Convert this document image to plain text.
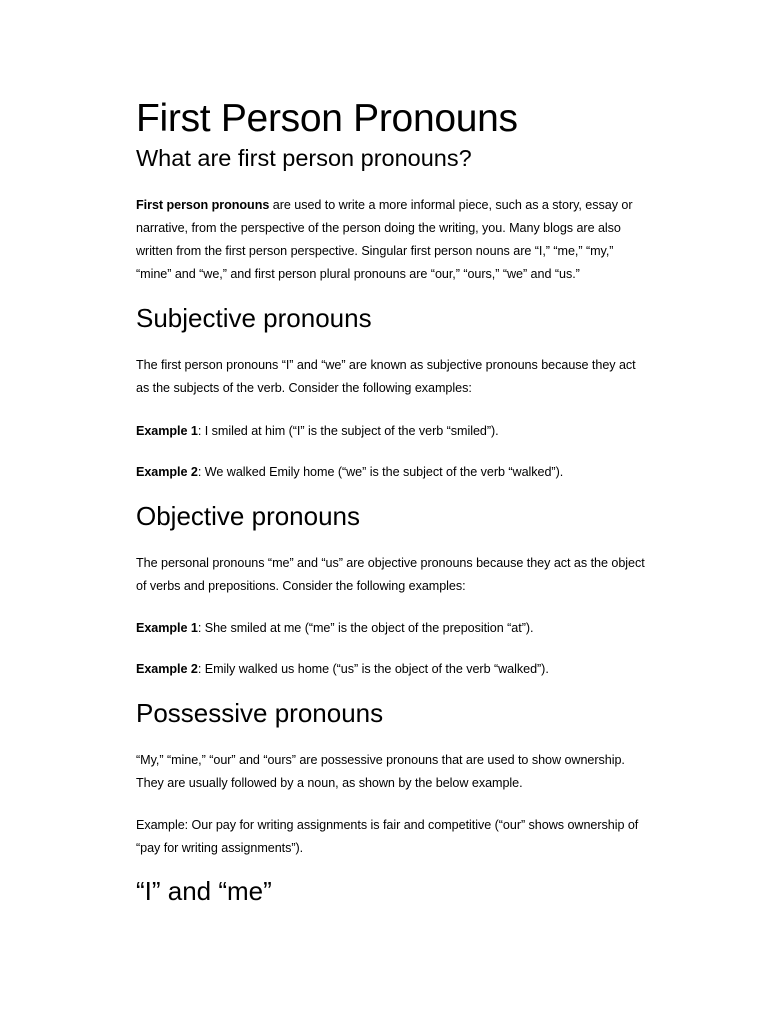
First Person Pronouns
What are first person pronouns?
First person pronouns are used to write a more informal piece, such as a story, essay or
narrative, from the perspective of the person doing the writing, you. Many blogs are also
written from the first person perspective. Singular first person nouns are “I,” “me,” “my,”
“mine” and “we,” and first person plural pronouns are “our,” “ours,” “we” and “us.”
Subjective pronouns
The first person pronouns “I” and “we” are known as subjective pronouns because they act
as the subjects of the verb. Consider the following examples:
Example 1: I smiled at him (“I” is the subject of the verb “smiled”).
Example 2: We walked Emily home (“we” is the subject of the verb “walked”).
Objective pronouns
The personal pronouns “me” and “us” are objective pronouns because they act as the object
of verbs and prepositions. Consider the following examples:
Example 1: She smiled at me (“me” is the object of the preposition “at”).
Example 2: Emily walked us home (“us” is the object of the verb “walked”).
Possessive pronouns
“My,” “mine,” “our” and “ours” are possessive pronouns that are used to show ownership.
They are usually followed by a noun, as shown by the below example.
Example: Our pay for writing assignments is fair and competitive (“our” shows ownership of
“pay for writing assignments”).
“I” and “me”
